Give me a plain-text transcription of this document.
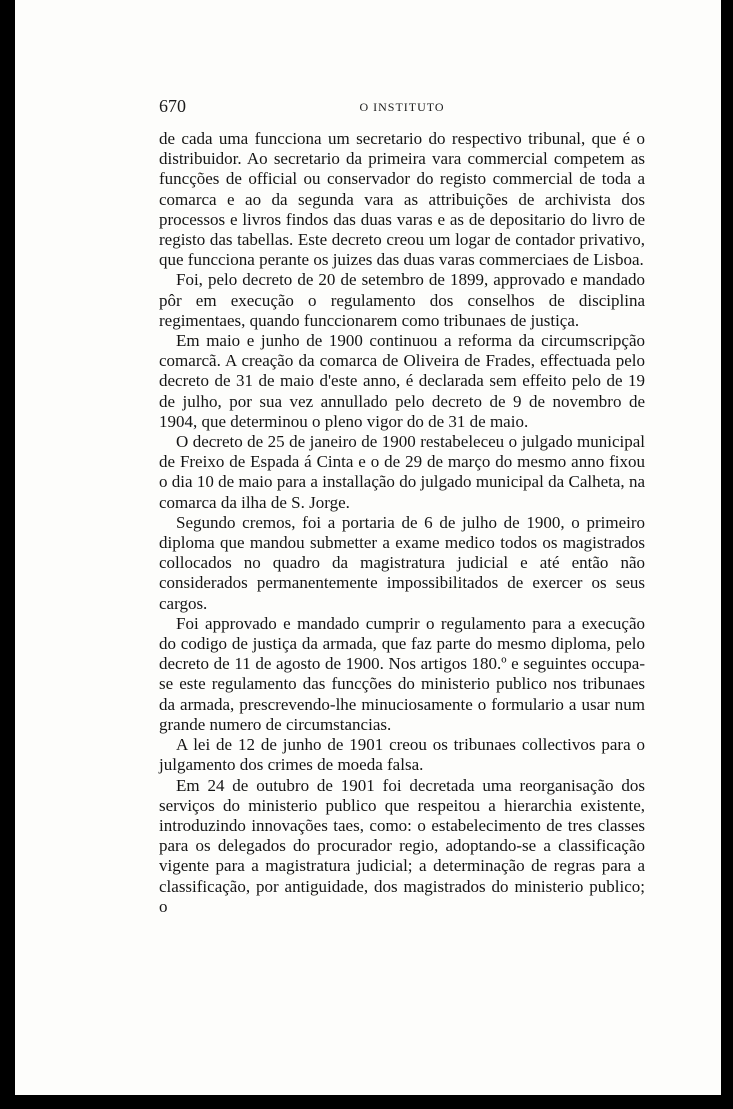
670	O INSTITUTO

de cada uma funcciona um secretario do respectivo tribunal, que é o distribuidor. Ao secretario da primeira vara commercial competem as funcções de official ou conservador do registo commercial de toda a comarca e ao da segunda vara as attribuições de archivista dos processos e livros findos das duas varas e as de depositario do livro de registo das tabellas. Este decreto creou um logar de contador privativo, que funcciona perante os juizes das duas varas commerciaes de Lisboa.

Foi, pelo decreto de 20 de setembro de 1899, approvado e mandado pôr em execução o regulamento dos conselhos de disciplina regimentaes, quando funccionarem como tribunaes de justiça.

Em maio e junho de 1900 continuou a reforma da circumscripção comarcã. A creação da comarca de Oliveira de Frades, effectuada pelo decreto de 31 de maio d'este anno, é declarada sem effeito pelo de 19 de julho, por sua vez annullado pelo decreto de 9 de novembro de 1904, que determinou o pleno vigor do de 31 de maio.

O decreto de 25 de janeiro de 1900 restabeleceu o julgado municipal de Freixo de Espada á Cinta e o de 29 de março do mesmo anno fixou o dia 10 de maio para a installação do julgado municipal da Calheta, na comarca da ilha de S. Jorge.

Segundo cremos, foi a portaria de 6 de julho de 1900, o primeiro diploma que mandou submetter a exame medico todos os magistrados collocados no quadro da magistratura judicial e até então não considerados permanentemente impossibilitados de exercer os seus cargos.

Foi approvado e mandado cumprir o regulamento para a execução do codigo de justiça da armada, que faz parte do mesmo diploma, pelo decreto de 11 de agosto de 1900. Nos artigos 180.º e seguintes occupa-se este regulamento das funcções do ministerio publico nos tribunaes da armada, prescrevendo-lhe minuciosamente o formulario a usar num grande numero de circumstancias.

A lei de 12 de junho de 1901 creou os tribunaes collectivos para o julgamento dos crimes de moeda falsa.

Em 24 de outubro de 1901 foi decretada uma reorganisação dos serviços do ministerio publico que respeitou a hierarchia existente, introduzindo innovações taes, como: o estabelecimento de tres classes para os delegados do procurador regio, adoptando-se a classificação vigente para a magistratura judicial; a determinação de regras para a classificação, por antiguidade, dos magistrados do ministerio publico; o
